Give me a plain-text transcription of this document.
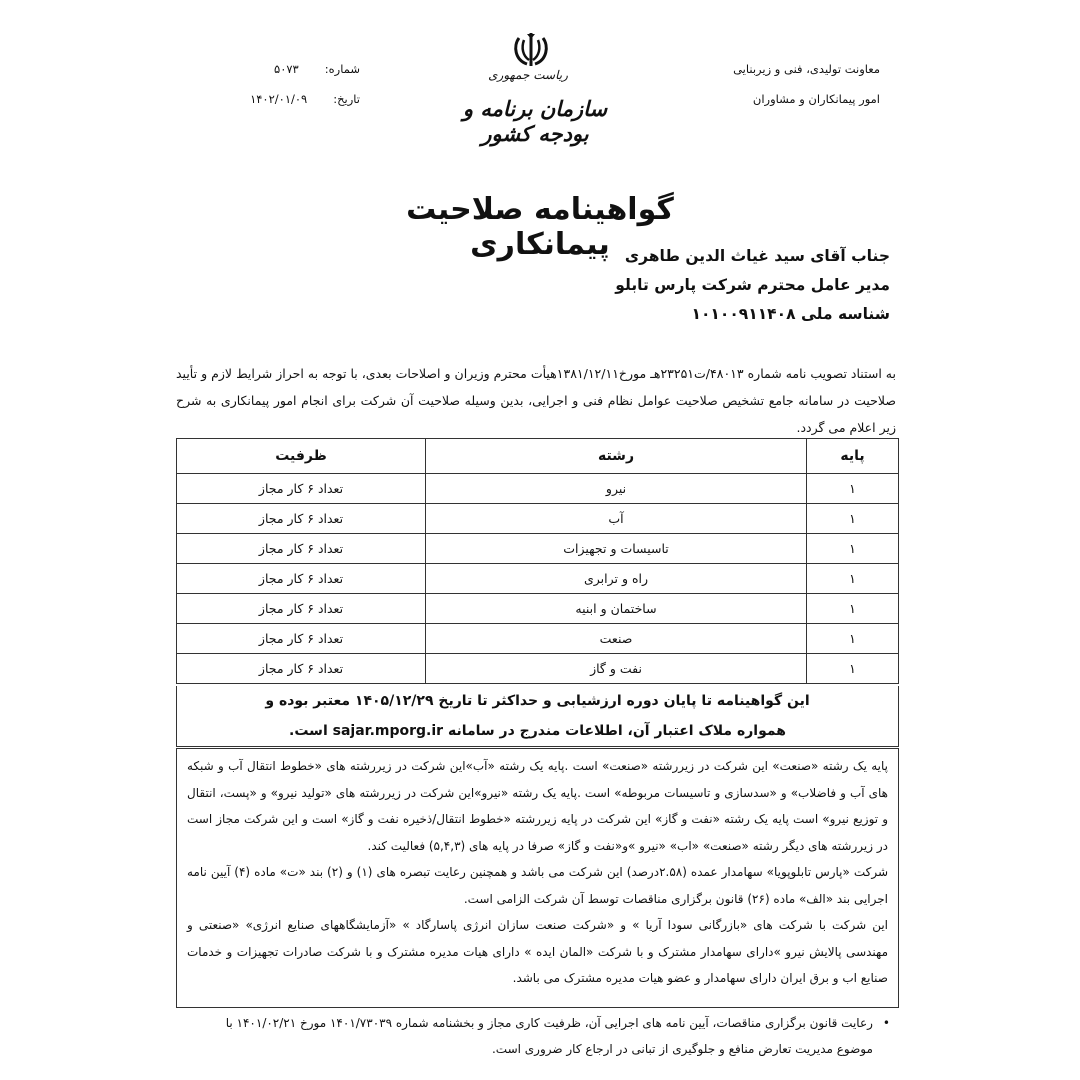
معاونت تولیدی، فنی و زیربنایی
امور پیمانکاران و مشاوران
شماره:
۵۰۷۳
تاریخ:
۱۴۰۲/۰۱/۰۹
ریاست جمهوری
سازمان برنامه و بودجه کشور
گواهینامه صلاحیت پیمانکاری جناب آقای سید غیاث الدین طاهری
مدیر عامل محترم شرکت پارس تابلو
شناسه ملی ۱۰۱۰۰۹۱۱۴۰۸
به استناد تصویب نامه شماره ۴۸۰۱۳/ت۲۳۲۵۱هـ مورخ۱۳۸۱/۱۲/۱۱هیأت محترم وزیران و اصلاحات بعدی، با توجه به احراز شرایط لازم و تأیید صلاحیت در سامانه جامع تشخیص صلاحیت عوامل نظام فنی و اجرایی، بدین وسیله صلاحیت آن شرکت برای انجام امور پیمانکاری به شرح زیر اعلام می گردد.
پایه	رشته	ظرفیت
۱	نیرو	تعداد ۶ کار مجاز
۱	آب	تعداد ۶ کار مجاز
۱	تاسیسات و تجهیزات	تعداد ۶ کار مجاز
۱	راه و ترابری	تعداد ۶ کار مجاز
۱	ساختمان و ابنیه	تعداد ۶ کار مجاز
۱	صنعت	تعداد ۶ کار مجاز
۱	نفت و گاز	تعداد ۶ کار مجاز
این گواهینامه تا پایان دوره ارزشیابی و حداکثر تا تاریخ ۱۴۰۵/۱۲/۲۹ معتبر بوده و
همواره ملاک اعتبار آن، اطلاعات مندرج در سامانه sajar.mporg.ir است.

پایه یک رشته «صنعت» این شرکت در زیررشته «صنعت» است .پایه یک رشته «آب»این شرکت در زیررشته های «خطوط انتقال آب و شبکه های آب و فاضلاب» و «سدسازی و تاسیسات مربوطه» است .پایه یک رشته «نیرو»این شرکت در زیررشته های «تولید نیرو» و «پست، انتقال و توزیع نیرو» است پایه یک رشته «نفت و گاز» این شرکت در پایه زیررشته «خطوط انتقال/ذخیره نفت و گاز» است و این شرکت مجاز است در زیررشته های دیگر رشته «صنعت» «اب» «نیرو »و«نفت و گاز» صرفا در پایه های (۵,۴,۳) فعالیت کند.

شرکت «پارس تابلوپویا» سهامدار عمده (۲.۵۸درصد) این شرکت می باشد و همچنین رعایت تبصره های (۱) و (۲) بند «ت» ماده (۴) آیین نامه اجرایی بند «الف» ماده (۲۶) قانون برگزاری مناقصات توسط آن شرکت الزامی است.

این شرکت با شرکت های «بازرگانی سودا آریا » و «شرکت صنعت سازان انرژی پاسارگاد » «آزمایشگاههای صنایع انرژی» «صنعتی و مهندسی پالایش نیرو »دارای سهامدار مشترک و با شرکت «المان ایده » دارای هیات مدیره مشترک و با شرکت صادرات تجهیزات و خدمات صنایع اب و برق ایران دارای سهامدار و عضو هیات مدیره مشترک می باشد.

•
رعایت قانون برگزاری مناقصات، آیین نامه های اجرایی آن، ظرفیت کاری مجاز و بخشنامه شماره ۱۴۰۱/۷۳۰۳۹ مورخ ۱۴۰۱/۰۲/۲۱ با موضوع مدیریت تعارض منافع و جلوگیری از تبانی در ارجاع کار ضروری است.
